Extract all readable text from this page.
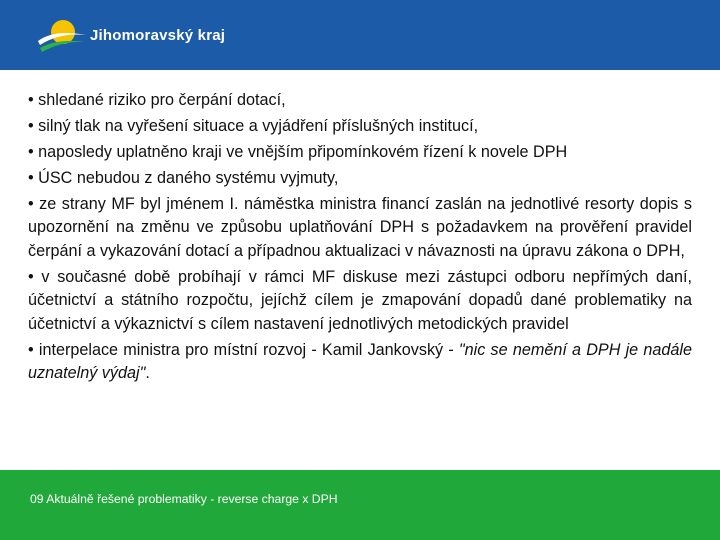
Jihomoravský kraj

• shledané riziko pro čerpání dotací,

• silný tlak na vyřešení situace a vyjádření příslušných institucí,

• naposledy uplatněno kraji ve vnějším připomínkovém řízení k novele DPH

• ÚSC nebudou z daného systému vyjmuty,

• ze strany MF byl jménem I. náměstka ministra financí zaslán na jednotlivé resorty dopis s upozornění na změnu ve způsobu uplatňování DPH s požadavkem na prověření pravidel čerpání a vykazování dotací a případnou aktualizaci v návaznosti na úpravu zákona o DPH,

• v současné době probíhají v rámci MF diskuse mezi zástupci odboru nepřímých daní, účetnictví a státního rozpočtu, jejíchž cílem je zmapování dopadů dané problematiky na účetnictví a výkaznictví s cílem nastavení jednotlivých metodických pravidel

• interpelace ministra pro místní rozvoj - Kamil Jankovský - "nic se nemění a DPH je nadále uznatelný výdaj".

09 Aktuálně řešené problematiky - reverse charge x DPH
